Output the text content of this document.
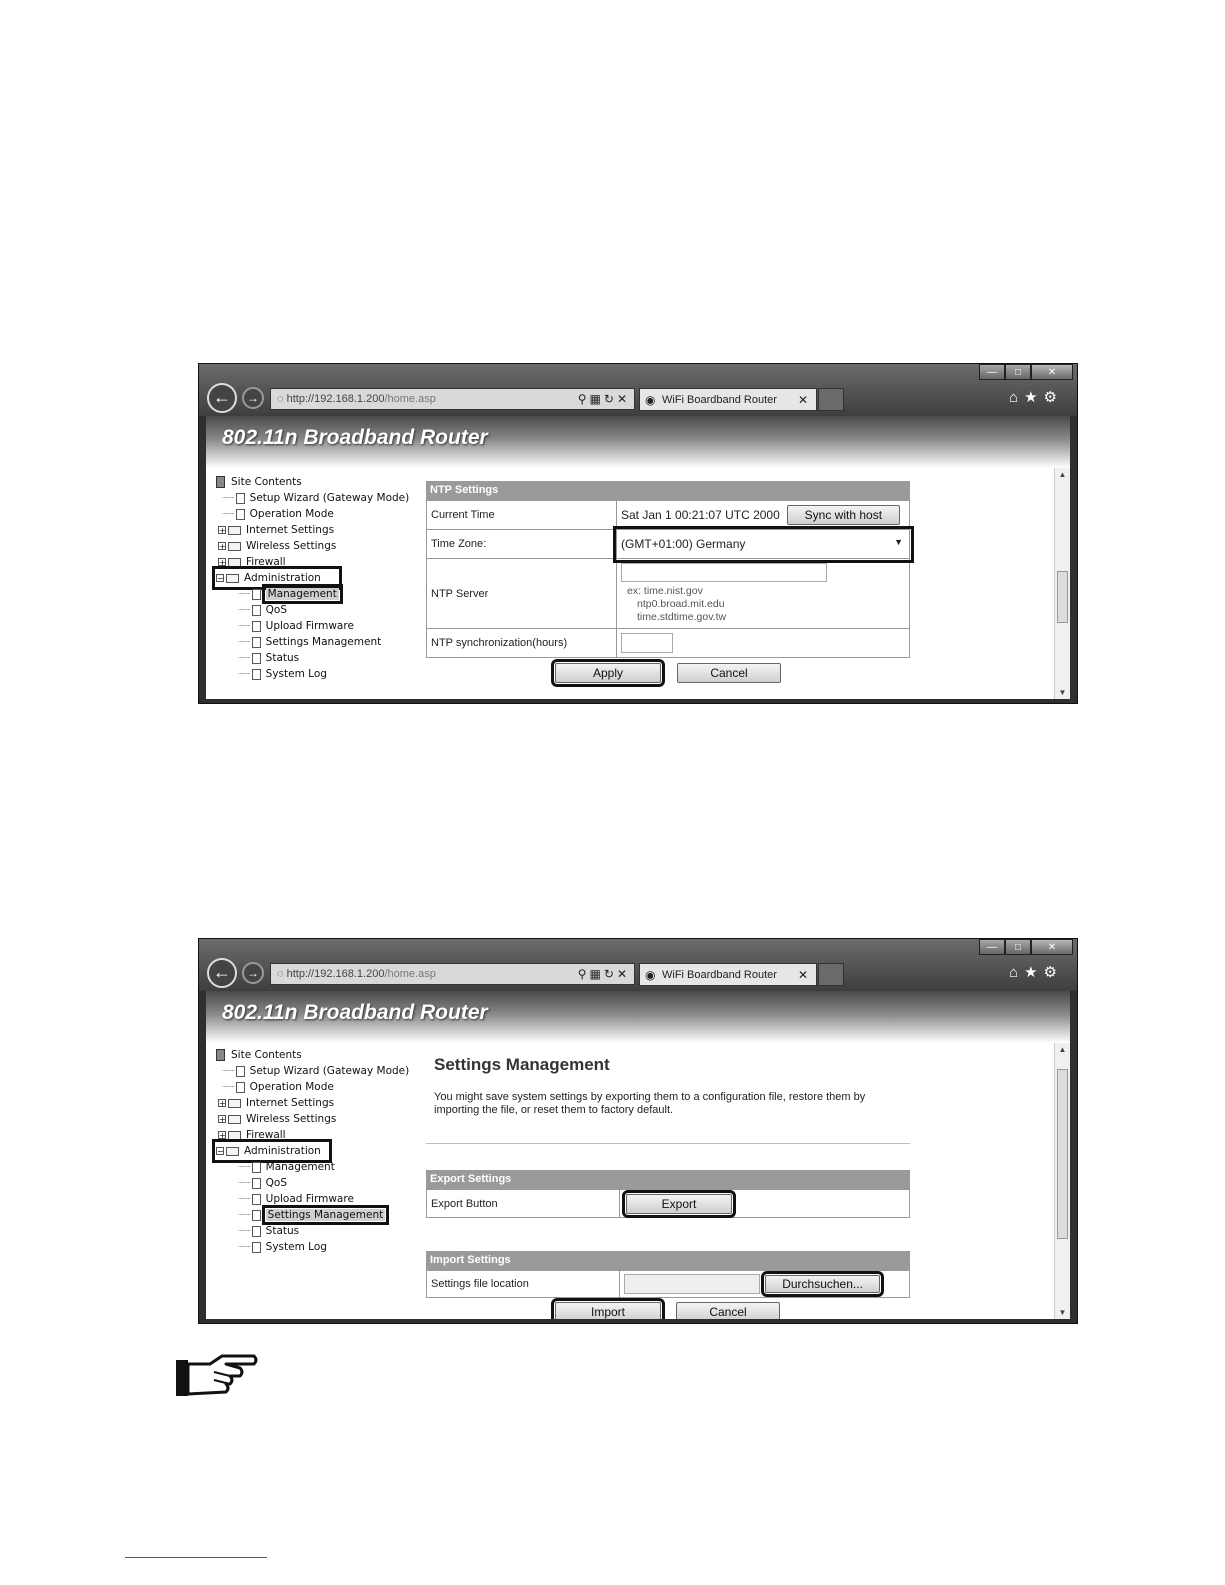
—	□	✕
←	→	◌ http://192.168.1.200/home.asp	⚲▦↻✕ ◉ WiFi Boardband Router ✕	⌂★⚙
802.11n Broadband Router
Site Contents
┈┈ Setup Wizard (Gateway Mode)
┈┈ Operation Mode
+ Internet Settings
+ Wireless Settings
+ Firewall
− Administration
┈┈ Management
┈┈ QoS
┈┈ Upload Firmware
┈┈ Settings Management
┈┈ Status
┈┈ System Log
NTP Settings
Current Time	Sat Jan 1 00:21:07 UTC 2000 Sync with host
Time Zone:	(GMT+01:00) Germany ▼

NTP Server	ex: time.nist.gov
ntp0.broad.mit.edu
time.stdtime.gov.tw

NTP synchronization(hours)	
Apply	Cancel
▲
▼
—	□	✕
←	→	◌ http://192.168.1.200/home.asp	⚲▦↻✕ ◉ WiFi Boardband Router ✕	⌂★⚙
802.11n Broadband Router
Site Contents
┈┈ Setup Wizard (Gateway Mode)
┈┈ Operation Mode
+ Internet Settings
+ Wireless Settings
+ Firewall
− Administration
┈┈ Management
┈┈ QoS
┈┈ Upload Firmware
┈┈ Settings Management
┈┈ Status
┈┈ System Log
Settings Management
You might save system settings by exporting them to a configuration file, restore them by importing the file, or reset them to factory default.
Export Settings
Export Button	Export
Import Settings
Settings file location	Durchsuchen...
Import	Cancel
▲
▼
